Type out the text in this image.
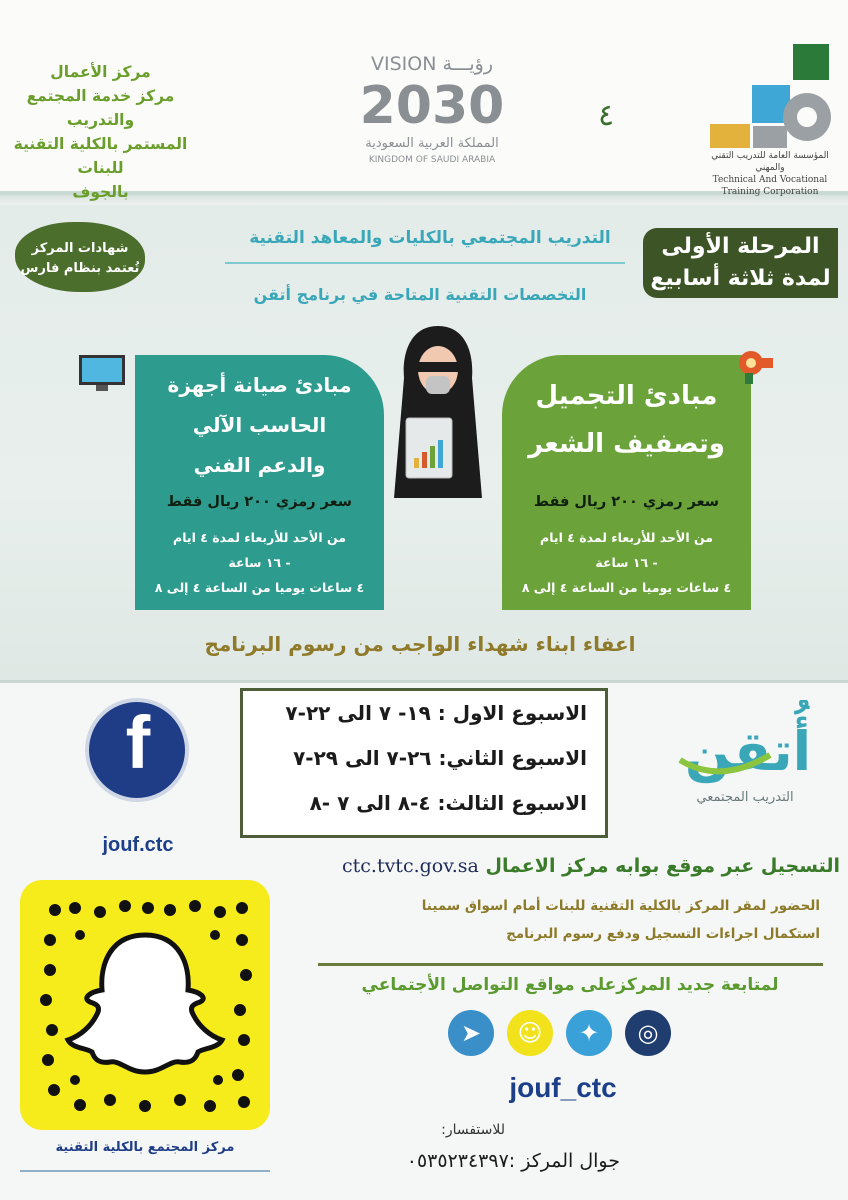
مركز الأعمال
مركز خدمة المجتمع والتدريب
المستمر بالكلية التقنية للبنات
بالجوف
VISION رؤيـــة
2030
المملكة العربية السعودية
KINGDOM OF SAUDI ARABIA
٤
المؤسسة العامة للتدريب التقني والمهني
Technical And Vocational Training Corporation
التدريب المجتمعي بالكليات والمعاهد التقنية
التخصصات التقنية المتاحة في برنامج أتقن
المرحلة الأولى
لمدة ثلاثة أسابيع
شهادات المركز
تُعتمد بنظام فارس
مبادئ التجميل
وتصفيف الشعر
مبادئ صيانة أجهزة
الحاسب الآلي
والدعم الفني
سعر رمزي ٢٠٠ ريال فقط
سعر رمزي ٢٠٠ ريال فقط
من الأحد للأربعاء لمدة ٤ ايام
- ١٦ ساعة
٤ ساعات يوميا من الساعة ٤ إلى ٨
من الأحد للأربعاء لمدة ٤ ايام
- ١٦ ساعة
٤ ساعات يوميا من الساعة ٤ إلى ٨
اعفاء ابناء شهداء الواجب من رسوم البرنامج
الاسبوع الاول : ١٩- ٧ الى ٢٢-٧
الاسبوع الثاني: ٢٦-٧ الى ٢٩-٧
الاسبوع الثالث: ٤-٨ الى ٧ -٨
f
jouf.ctc
أُتقن
التدريب المجتمعي
التسجيل عبر موقع بوابه مركز الاعمال ctc.tvtc.gov.sa
الحضور لمقر المركز بالكلية التقنية للبنات أمام اسواق سمينا
استكمال اجراءات التسجيل ودفع رسوم البرنامج
لمتابعة جديد المركزعلى مواقع التواصل الأجتماعي
◎
✦
☺
➤
jouf_ctc
للاستفسار:
جوال المركز :٠٥٣٥٢٣٤٣٩٧
مركز المجتمع بالكلية التقنية
